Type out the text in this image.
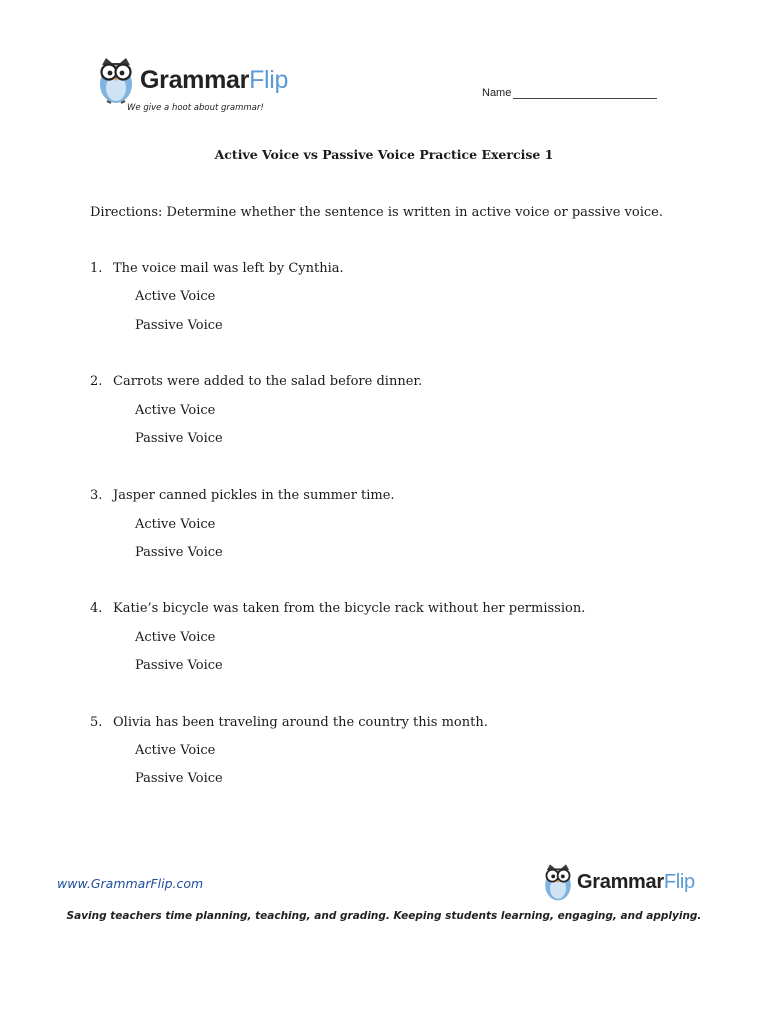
GrammarFlip
We give a hoot about grammar!
Name
Active Voice vs Passive Voice Practice Exercise 1
Directions: Determine whether the sentence is written in active voice or passive voice.
1. The voice mail was left by Cynthia.
Active Voice
Passive Voice
2. Carrots were added to the salad before dinner.
Active Voice
Passive Voice
3. Jasper canned pickles in the summer time.
Active Voice
Passive Voice
4. Katie’s bicycle was taken from the bicycle rack without her permission.
Active Voice
Passive Voice
5. Olivia has been traveling around the country this month.
Active Voice
Passive Voice
www.GrammarFlip.com	GrammarFlip
Saving teachers time planning, teaching, and grading. Keeping students learning, engaging, and applying.
